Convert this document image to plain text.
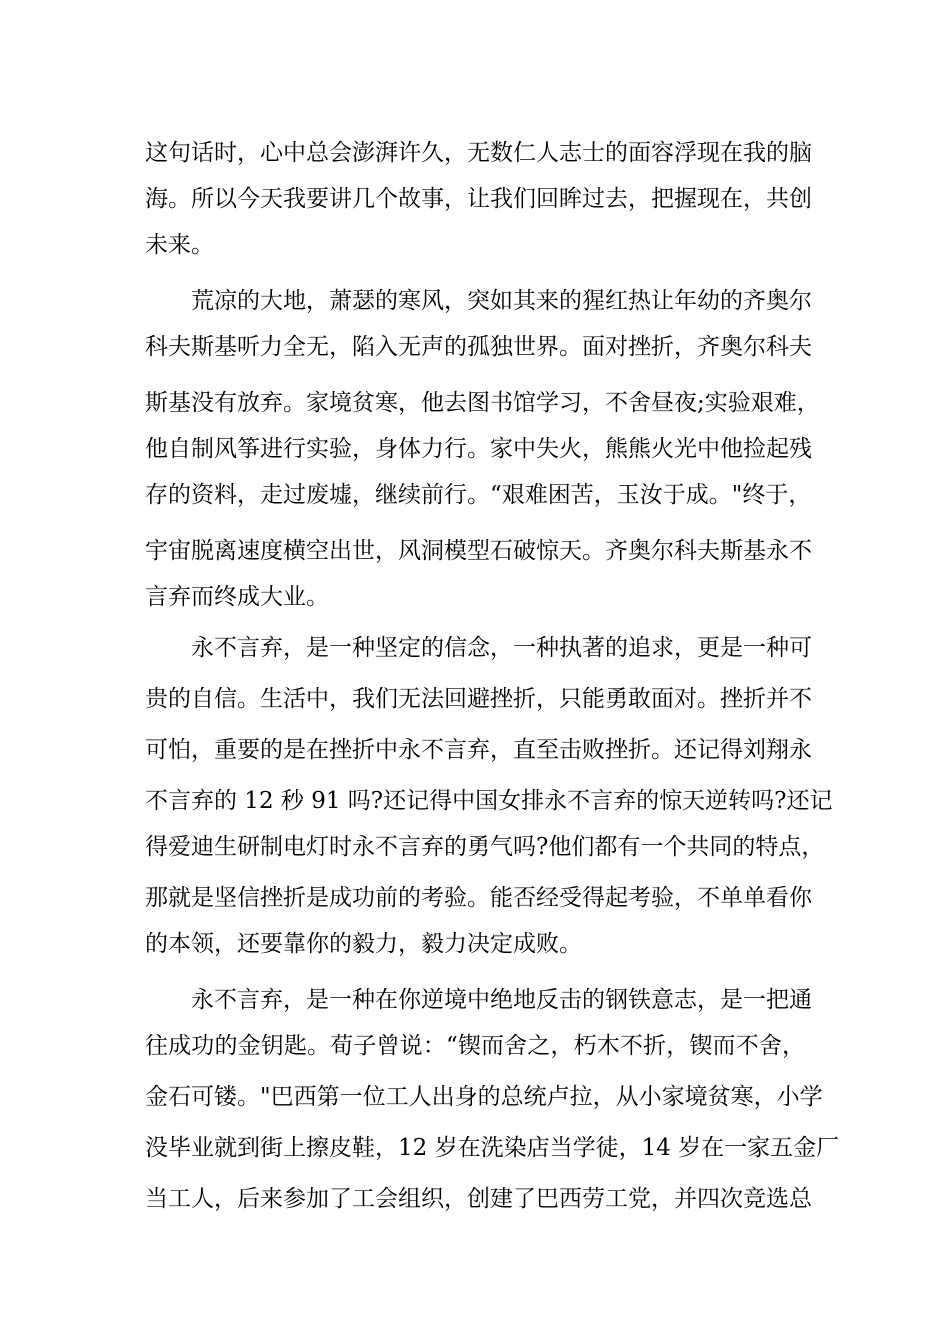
这句话时，心中总会澎湃许久，无数仁人志士的面容浮现在我的脑
海。所以今天我要讲几个故事，让我们回眸过去，把握现在，共创
未来。
荒凉的大地，萧瑟的寒风，突如其来的猩红热让年幼的齐奥尔
科夫斯基听力全无，陷入无声的孤独世界。面对挫折，齐奥尔科夫
斯基没有放弃。家境贫寒，他去图书馆学习，不舍昼夜;实验艰难，
他自制风筝进行实验，身体力行。家中失火，熊熊火光中他捡起残
存的资料，走过废墟，继续前行。“艰难困苦，玉汝于成。"终于，
宇宙脱离速度横空出世，风洞模型石破惊天。齐奥尔科夫斯基永不
言弃而终成大业。
永不言弃，是一种坚定的信念，一种执著的追求，更是一种可
贵的自信。生活中，我们无法回避挫折，只能勇敢面对。挫折并不
可怕，重要的是在挫折中永不言弃，直至击败挫折。还记得刘翔永
不言弃的 12 秒 91 吗?还记得中国女排永不言弃的惊天逆转吗?还记
得爱迪生研制电灯时永不言弃的勇气吗?他们都有一个共同的特点，
那就是坚信挫折是成功前的考验。能否经受得起考验，不单单看你
的本领，还要靠你的毅力，毅力决定成败。
永不言弃，是一种在你逆境中绝地反击的钢铁意志，是一把通
往成功的金钥匙。荀子曾说：“锲而舍之，朽木不折，锲而不舍，
金石可镂。"巴西第一位工人出身的总统卢拉，从小家境贫寒，小学
没毕业就到街上擦皮鞋，12 岁在洗染店当学徒，14 岁在一家五金厂
当工人，后来参加了工会组织，创建了巴西劳工党，并四次竞选总
